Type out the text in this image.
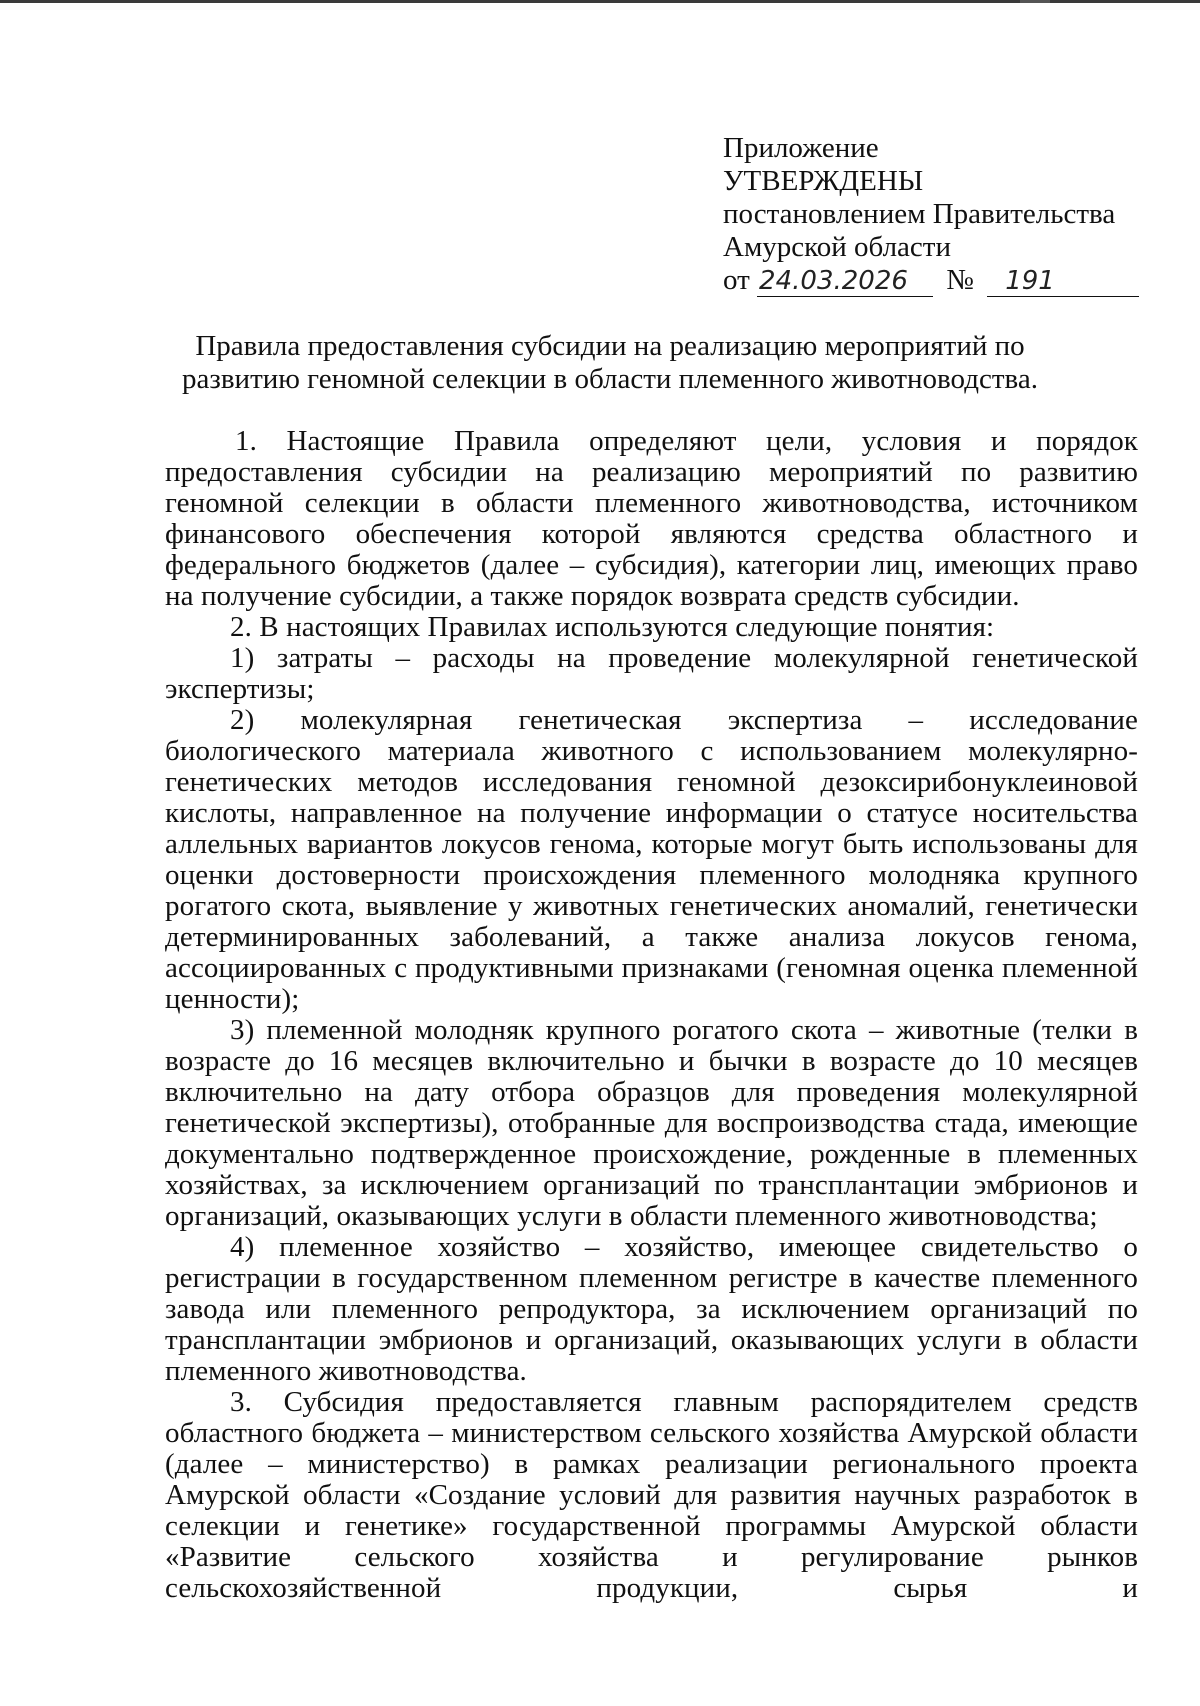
Приложение
УТВЕРЖДЕНЫ
постановлением Правительства
Амурской области
от 24.03.2026 № 191
Правила предоставления субсидии на реализацию мероприятий по развитию геномной селекции в области племенного животноводства.

1. Настоящие Правила определяют цели, условия и порядок предоставления субсидии на реализацию мероприятий по развитию геномной селекции в области племенного животноводства, источником финансового обеспечения которой являются средства областного и федерального бюджетов (далее – субсидия), категории лиц, имеющих право на получение субсидии, а также порядок возврата средств субсидии.

2. В настоящих Правилах используются следующие понятия:

1) затраты – расходы на проведение молекулярной генетической экспертизы;

2) молекулярная генетическая экспертиза – исследование биологического материала животного с использованием молекулярно-генетических методов исследования геномной дезоксирибонуклеиновой кислоты, направленное на получение информации о статусе носительства аллельных вариантов локусов генома, которые могут быть использованы для оценки достоверности происхождения племенного молодняка крупного рогатого скота, выявление у животных генетических аномалий, генетически детерминированных заболеваний, а также анализа локусов генома, ассоциированных с продуктивными признаками (геномная оценка племенной ценности);

3) племенной молодняк крупного рогатого скота – животные (телки в возрасте до 16 месяцев включительно и бычки в возрасте до 10 месяцев включительно на дату отбора образцов для проведения молекулярной генетической экспертизы), отобранные для воспроизводства стада, имеющие документально подтвержденное происхождение, рожденные в племенных хозяйствах, за исключением организаций по трансплантации эмбрионов и организаций, оказывающих услуги в области племенного животноводства;

4) племенное хозяйство – хозяйство, имеющее свидетельство о регистрации в государственном племенном регистре в качестве племенного завода или племенного репродуктора, за исключением организаций по трансплантации эмбрионов и организаций, оказывающих услуги в области племенного животноводства.

3. Субсидия предоставляется главным распорядителем средств областного бюджета – министерством сельского хозяйства Амурской области (далее – министерство) в рамках реализации регионального проекта Амурской области «Создание условий для развития научных разработок в селекции и генетике» государственной программы Амурской области «Развитие сельского хозяйства и регулирование рынков сельскохозяйственной продукции, сырья и
